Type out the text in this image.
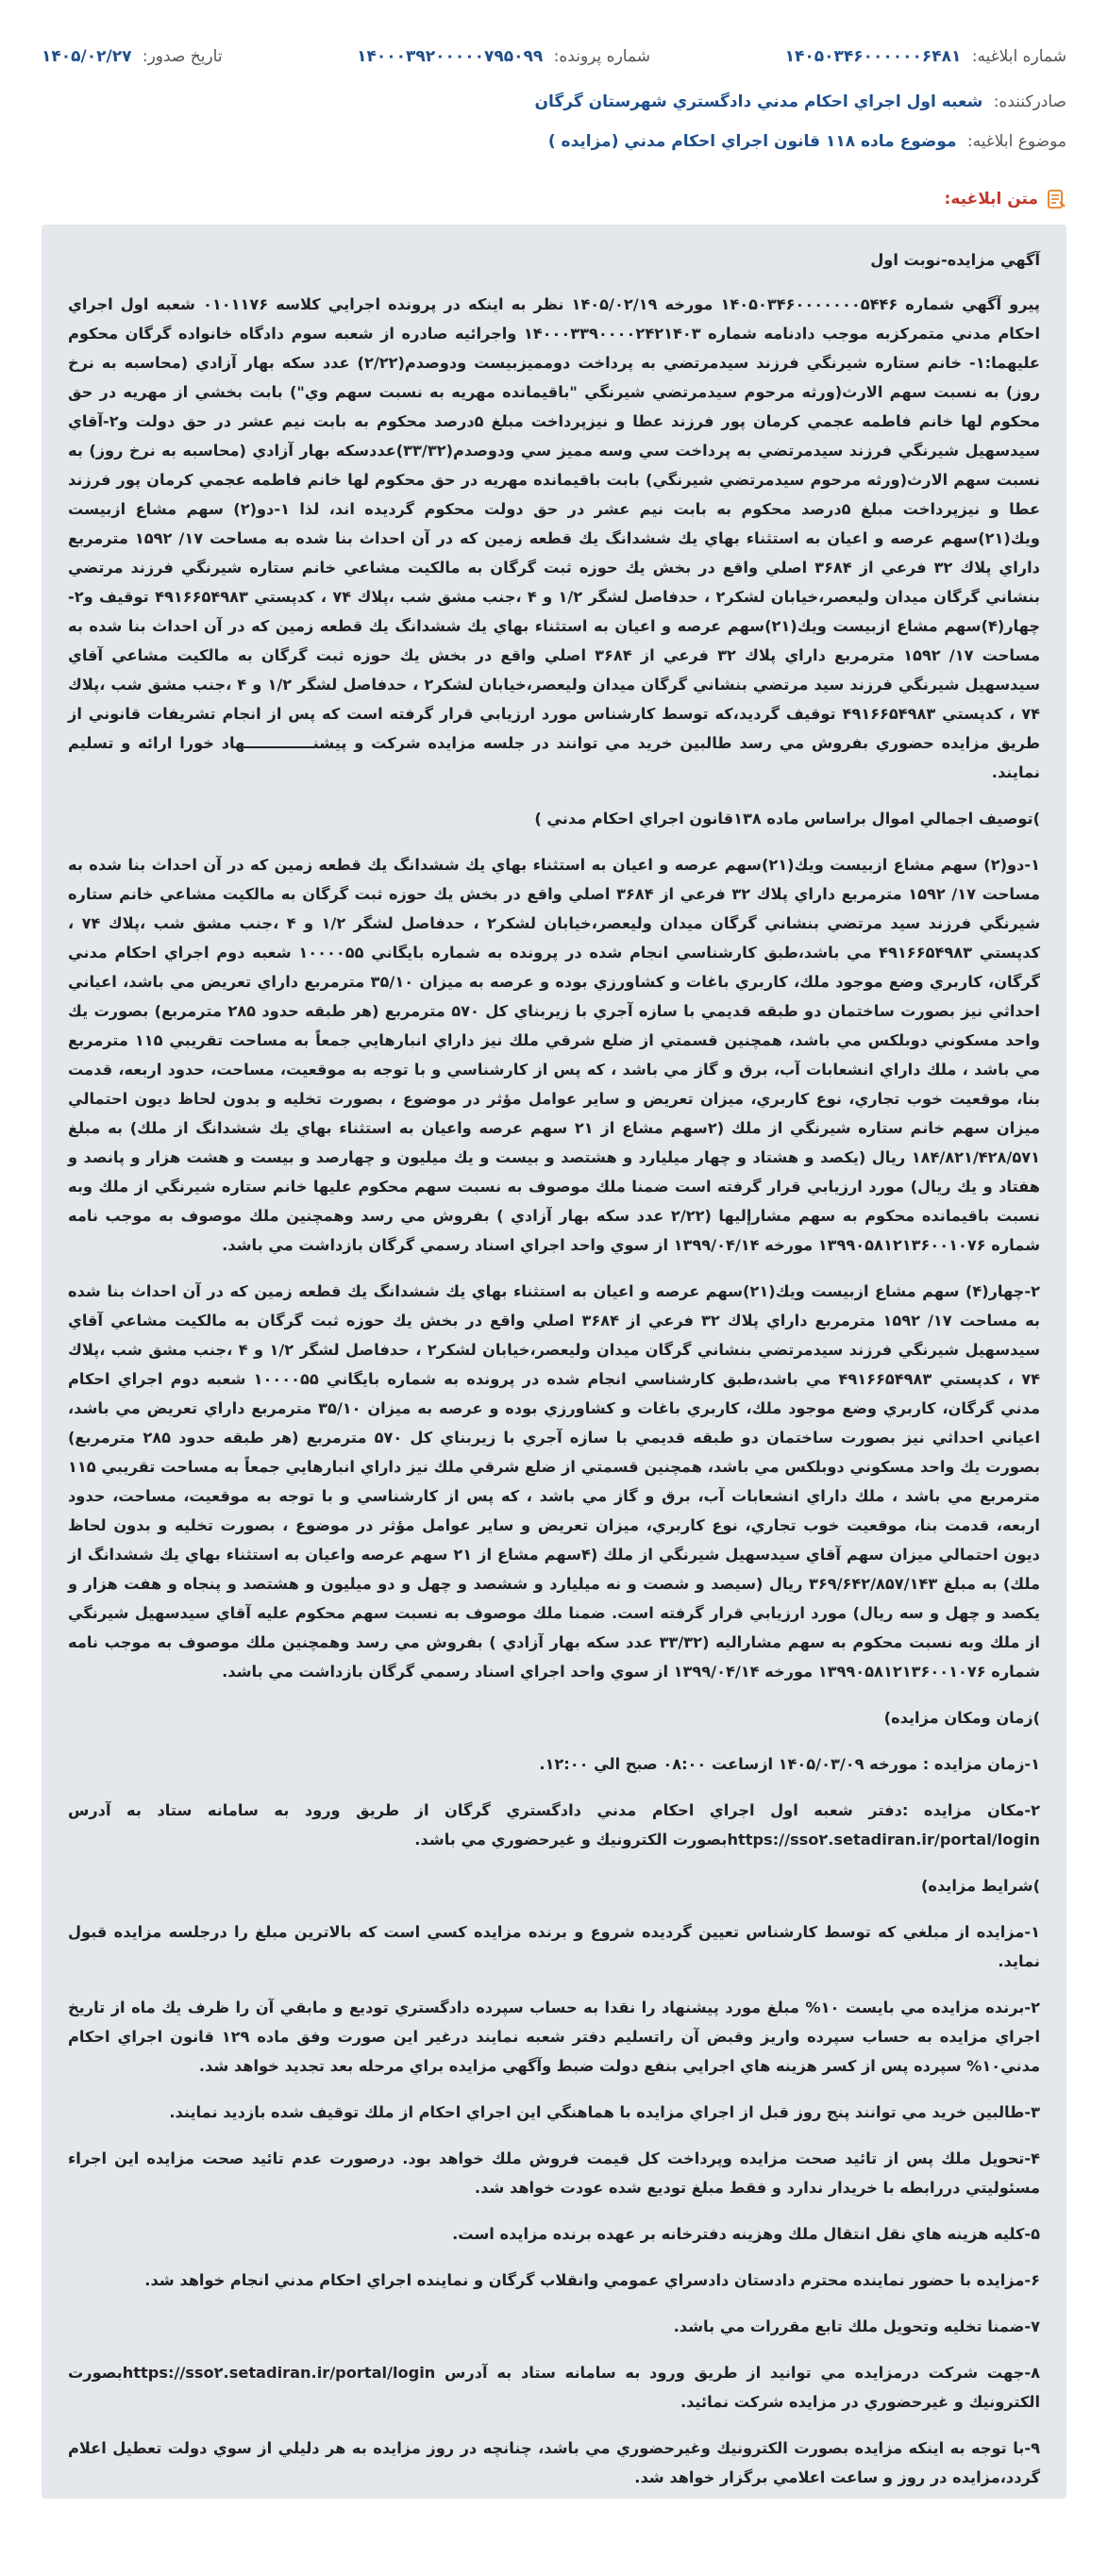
شماره ابلاغيه: ۱۴۰۵۰۳۴۶۰۰۰۰۰۰۶۴۸۱
شماره پرونده: ۱۴۰۰۰۳۹۲۰۰۰۰۰۷۹۵۰۹۹
تاريخ صدور: ۱۴۰۵/۰۲/۲۷
صادرکننده: شعبه اول اجراي احكام مدني دادگستري شهرستان گرگان
موضوع ابلاغيه: موضوع ماده ۱۱۸ قانون اجراي احكام مدني (مزايده )
متن ابلاغيه:

آگهي مزايده-نوبت اول

پيرو آگهي شماره ۱۴۰۵۰۳۴۶۰۰۰۰۰۰۰۵۴۴۶ مورخه ۱۴۰۵/۰۲/۱۹ نظر به اينكه در پرونده اجرايي كلاسه ۰۱۰۱۱۷۶ شعبه اول اجراي احكام مدني متمركزبه موجب دادنامه شماره ۱۴۰۰۰۳۳۹۰۰۰۰۲۴۲۱۴۰۳ واجرائيه صادره از شعبه سوم دادگاه خانواده گرگان محكوم عليهما:۱- خانم ستاره شيرنگي فرزند سيدمرتضي به پرداخت دومميزبيست ودوصدم(۲/۲۲) عدد سكه بهار آزادي (محاسبه به نرخ روز) به نسبت سهم الارث(ورثه مرحوم سيدمرتضي شيرنگي "باقيمانده مهريه به نسبت سهم وي") بابت بخشي از مهريه در حق محكوم لها خانم فاطمه عجمي كرمان پور فرزند عطا و نيزپرداخت مبلغ ۵درصد محكوم به بابت نيم عشر در حق دولت و۲-آقاي سيدسهيل شيرنگي فرزند سيدمرتضي به پرداخت سي وسه مميز سي ودوصدم(۳۳/۳۲)عددسكه بهار آزادي (محاسبه به نرخ روز) به نسبت سهم الارث(ورثه مرحوم سيدمرتضي شيرنگي) بابت باقيمانده مهريه در حق محكوم لها خانم فاطمه عجمي كرمان پور فرزند عطا و نيزپرداخت مبلغ ۵درصد محكوم به بابت نيم عشر در حق دولت محكوم گرديده اند، لذا ۱-دو(۲) سهم مشاع ازبيست ويك(۲۱)سهم عرصه و اعيان به استثناء بهاي يك ششدانگ يك قطعه زمين كه در آن احداث بنا شده به مساحت ۱۷/ ۱۵۹۲ مترمربع داراي پلاك ۳۲ فرعي از ۳۶۸۴ اصلي واقع در بخش يك حوزه ثبت گرگان به مالكيت مشاعي خانم ستاره شيرنگي فرزند مرتضي بنشاني گرگان ميدان وليعصر،خيابان لشكر۲ ، حدفاصل لشگر ۱/۲ و ۴ ،جنب مشق شب ،پلاك ۷۴ ، كدپستي ۴۹۱۶۶۵۴۹۸۳ توقيف و۲-چهار(۴)سهم مشاع ازبيست ويك(۲۱)سهم عرصه و اعيان به استثناء بهاي يك ششدانگ يك قطعه زمين كه در آن احداث بنا شده به مساحت ۱۷/ ۱۵۹۲ مترمربع داراي پلاك ۳۲ فرعي از ۳۶۸۴ اصلي واقع در بخش يك حوزه ثبت گرگان به مالكيت مشاعي آقاي سيدسهيل شيرنگي فرزند سيد مرتضي بنشاني گرگان ميدان وليعصر،خيابان لشكر۲ ، حدفاصل لشگر ۱/۲ و ۴ ،جنب مشق شب ،پلاك ۷۴ ، كدپستي ۴۹۱۶۶۵۴۹۸۳ توقيف گرديد،كه توسط كارشناس مورد ارزيابي قرار گرفته است كه پس از انجام تشريفات قانوني از طريق مزايده حضوري بفروش مي رسد طالبين خريد مي توانند در جلسه مزايده شركت و پيشنـــــــــــــهاد خورا ارائه و تسليم نمايند.

)توصيف اجمالي اموال براساس ماده ۱۳۸قانون اجراي احكام مدني )

۱-دو(۲) سهم مشاع ازبيست ويك(۲۱)سهم عرصه و اعيان به استثناء بهاي يك ششدانگ يك قطعه زمين كه در آن احداث بنا شده به مساحت ۱۷/ ۱۵۹۲ مترمربع داراي پلاك ۳۲ فرعي از ۳۶۸۴ اصلي واقع در بخش يك حوزه ثبت گرگان به مالكيت مشاعي خانم ستاره شيرنگي فرزند سيد مرتضي بنشاني گرگان ميدان وليعصر،خيابان لشكر۲ ، حدفاصل لشگر ۱/۲ و ۴ ،جنب مشق شب ،پلاك ۷۴ ، كدپستي ۴۹۱۶۶۵۴۹۸۳ مي باشد،طبق كارشناسي انجام شده در پرونده به شماره بايگاني ۱۰۰۰۰۵۵ شعبه دوم اجراي احكام مدني گرگان، كاربري وضع موجود ملك، كاربري باغات و كشاورزي بوده و عرصه به ميزان ۳۵/۱۰ مترمربع داراي تعريض مي باشد، اعياني احداثي نيز بصورت ساختمان دو طبقه قديمي با سازه آجري با زيربناي كل ۵۷۰ مترمربع (هر طبقه حدود ۲۸۵ مترمربع) بصورت يك واحد مسكوني دوبلكس مي باشد، همچنين قسمتي از ضلع شرقي ملك نيز داراي انبارهايي جمعاً به مساحت تقريبي ۱۱۵ مترمربع مي باشد ، ملك داراي انشعابات آب، برق و گاز مي باشد ، كه پس از كارشناسي و با توجه به موقعيت، مساحت، حدود اربعه، قدمت بنا، موقعيت خوب تجاري، نوع كاربري، ميزان تعريض و ساير عوامل مؤثر در موضوع ، بصورت تخليه و بدون لحاظ ديون احتمالي ميزان سهم خانم ستاره شيرنگي از ملك (۲سهم مشاع از ۲۱ سهم عرصه واعيان به استثناء بهاي يك ششدانگ از ملك) به مبلغ ۱۸۴/۸۲۱/۴۲۸/۵۷۱ ريال (يكصد و هشتاد و چهار ميليارد و هشتصد و بيست و يك ميليون و چهارصد و بيست و هشت هزار و پانصد و هفتاد و يك ريال) مورد ارزيابي قرار گرفته است ضمنا ملك موصوف به نسبت سهم محكوم عليها خانم ستاره شيرنگي از ملك وبه نسبت باقيمانده محكوم به سهم مشارإليها (۲/۲۲ عدد سكه بهار آزادي ) بفروش مي رسد وهمچنين ملك موصوف به موجب نامه شماره ۱۳۹۹۰۵۸۱۲۱۳۶۰۰۱۰۷۶ مورخه ۱۳۹۹/۰۴/۱۴ از سوي واحد اجراي اسناد رسمي گرگان بازداشت مي باشد.

۲-چهار(۴) سهم مشاع ازبيست ويك(۲۱)سهم عرصه و اعيان به استثناء بهاي يك ششدانگ يك قطعه زمين كه در آن احداث بنا شده به مساحت ۱۷/ ۱۵۹۲ مترمربع داراي پلاك ۳۲ فرعي از ۳۶۸۴ اصلي واقع در بخش يك حوزه ثبت گرگان به مالكيت مشاعي آقاي سيدسهيل شيرنگي فرزند سيدمرتضي بنشاني گرگان ميدان وليعصر،خيابان لشكر۲ ، حدفاصل لشگر ۱/۲ و ۴ ،جنب مشق شب ،پلاك ۷۴ ، كدپستي ۴۹۱۶۶۵۴۹۸۳ مي باشد،طبق كارشناسي انجام شده در پرونده به شماره بايگاني ۱۰۰۰۰۵۵ شعبه دوم اجراي احكام مدني گرگان، كاربري وضع موجود ملك، كاربري باغات و كشاورزي بوده و عرصه به ميزان ۳۵/۱۰ مترمربع داراي تعريض مي باشد، اعياني احداثي نيز بصورت ساختمان دو طبقه قديمي با سازه آجري با زيربناي كل ۵۷۰ مترمربع (هر طبقه حدود ۲۸۵ مترمربع) بصورت يك واحد مسكوني دوبلكس مي باشد، همچنين قسمتي از ضلع شرقي ملك نيز داراي انبارهايي جمعاً به مساحت تقريبي ۱۱۵ مترمربع مي باشد ، ملك داراي انشعابات آب، برق و گاز مي باشد ، كه پس از كارشناسي و با توجه به موقعيت، مساحت، حدود اربعه، قدمت بنا، موقعيت خوب تجاري، نوع كاربري، ميزان تعريض و ساير عوامل مؤثر در موضوع ، بصورت تخليه و بدون لحاظ ديون احتمالي ميزان سهم آقاي سيدسهيل شيرنگي از ملك (۴سهم مشاع از ۲۱ سهم عرصه واعيان به استثناء بهاي يك ششدانگ از ملك) به مبلغ ۳۶۹/۶۴۲/۸۵۷/۱۴۳ ريال (سيصد و شصت و نه ميليارد و ششصد و چهل و دو ميليون و هشتصد و پنجاه و هفت هزار و يكصد و چهل و سه ريال) مورد ارزيابي قرار گرفته است. ضمنا ملك موصوف به نسبت سهم محكوم عليه آقاي سيدسهيل شيرنگي از ملك وبه نسبت محكوم به سهم مشاراليه (۳۳/۳۲ عدد سكه بهار آزادي ) بفروش مي رسد وهمچنين ملك موصوف به موجب نامه شماره ۱۳۹۹۰۵۸۱۲۱۳۶۰۰۱۰۷۶ مورخه ۱۳۹۹/۰۴/۱۴ از سوي واحد اجراي اسناد رسمي گرگان بازداشت مي باشد.

)زمان ومكان مزايده)

۱-زمان مزايده : مورخه ۱۴۰۵/۰۳/۰۹ ازساعت ۰۸:۰۰ صبح الي ۱۲:۰۰.

۲-مكان مزايده :دفتر شعبه اول اجراي احكام مدني دادگستري گرگان از طريق ورود به سامانه ستاد به آدرس https://sso۲.setadiran.ir/portal/loginبصورت الكترونيك و غيرحضوري مي باشد.

)شرايط مزايده)

۱-مزايده از مبلغي كه توسط كارشناس تعيين گرديده شروع و برنده مزايده كسي است كه بالاترين مبلغ را درجلسه مزايده قبول نمايد.

۲-برنده مزايده مي بايست ۱۰% مبلغ مورد پيشنهاد را نقدا به حساب سپرده دادگستري توديع و مابقي آن را ظرف يك ماه از تاريخ اجراي مزايده به حساب سپرده واريز وقبض آن راتسليم دفتر شعبه نمايند درغير اين صورت وفق ماده ۱۲۹ قانون اجراي احكام مدني۱۰% سپرده پس از كسر هزينه هاي اجرايي بنفع دولت ضبط وآگهي مزايده براي مرحله بعد تجديد خواهد شد.

۳-طالبين خريد مي توانند پنج روز قبل از اجراي مزايده با هماهنگي اين اجراي احكام از ملك توقيف شده بازديد نمايند.

۴-تحويل ملك پس از تائيد صحت مزايده وپرداخت كل قيمت فروش ملك خواهد بود. درصورت عدم تائيد صحت مزايده اين اجراء مسئوليتي دررابطه با خريدار ندارد و فقط مبلغ توديع شده عودت خواهد شد.

۵-كليه هزينه هاي نقل انتقال ملك وهزينه دفترخانه بر عهده برنده مزايده است.

۶-مزايده با حضور نماينده محترم دادستان دادسراي عمومي وانقلاب گرگان و نماينده اجراي احكام مدني انجام خواهد شد.

۷-ضمنا تخليه وتحويل ملك تابع مقررات مي باشد.

۸-جهت شركت درمزايده مي توانيد از طريق ورود به سامانه ستاد به آدرس https://sso۲.setadiran.ir/portal/loginبصورت الكترونيك و غيرحضوري در مزايده شركت نمائيد.

۹-با توجه به اينكه مزايده بصورت الكترونيك وغيرحضوري مي باشد، چنانچه در روز مزايده به هر دليلي از سوي دولت تعطيل اعلام گردد،مزايده در روز و ساعت اعلامي برگزار خواهد شد.
